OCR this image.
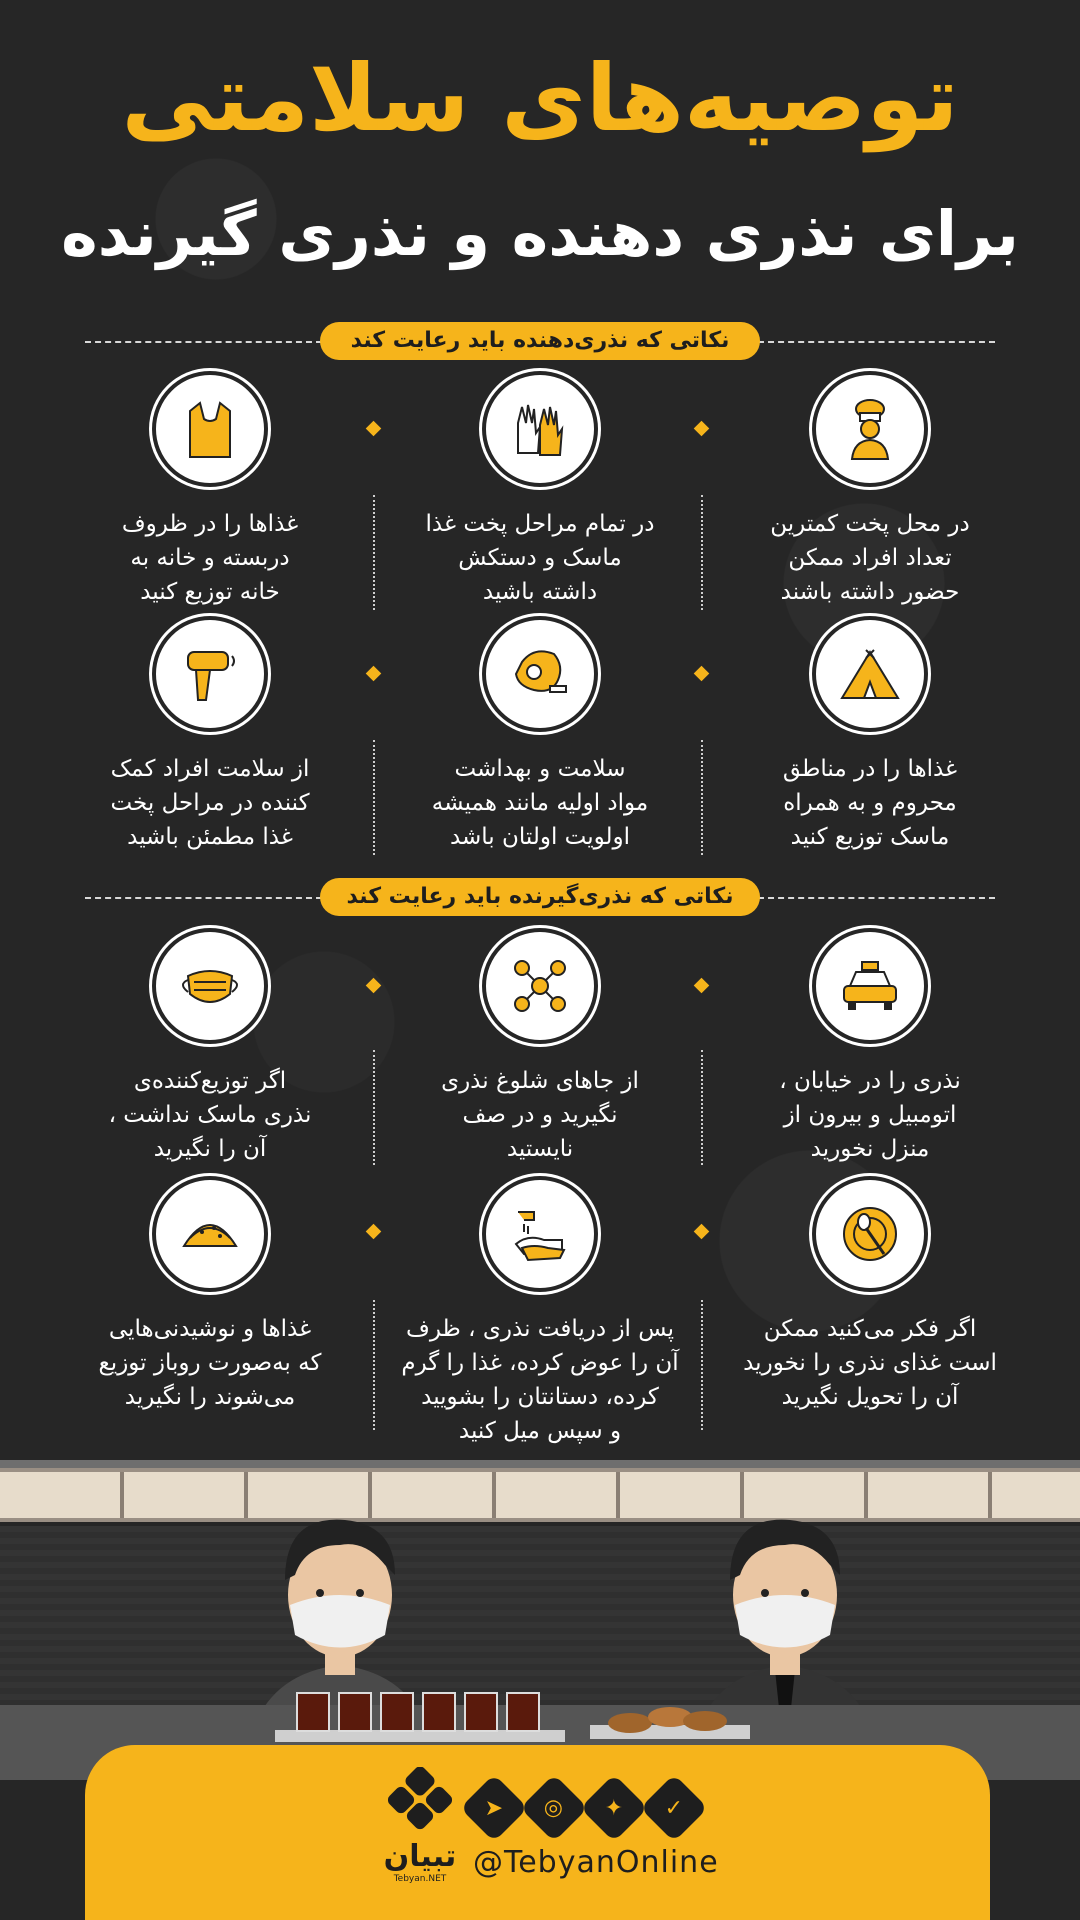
توصیه‌های سلامتی
برای نذری دهنده و نذری گیرنده
نکاتی که نذری‌دهنده باید رعایت کند
در محل پخت کمترین
تعداد افراد ممکن
حضور داشته باشند
در تمام مراحل پخت غذا
ماسک و دستکش
داشته باشید
غذاها را در ظروف
دربسته و خانه به
خانه توزیع کنید
غذاها را در مناطق
محروم و به همراه
ماسک توزیع کنید
سلامت و بهداشت
مواد اولیه مانند همیشه
اولویت اولتان باشد
از سلامت افراد کمک
کننده در مراحل پخت
غذا مطمئن باشید
نکاتی که نذری‌گیرنده باید رعایت کند
نذری را در خیابان ،
اتومبیل و بیرون از
منزل نخورید
از جاهای شلوغ نذری
نگیرید و در صف
نایستید
اگر توزیع‌کننده‌ی
نذری ماسک نداشت ،
آن را نگیرید
اگر فکر می‌کنید ممکن
است غذای نذری را نخورید
آن را تحویل نگیرید
پس از دریافت نذری ، ظرف
آن را عوض کرده، غذا را گرم
کرده، دستانتان را بشویید
و سپس میل کنید
غذاها و نوشیدنی‌هایی
که به‌صورت روباز توزیع
می‌شوند را نگیرید
تبیان
Tebyan.NET
➤ ◎ ✦ ✓
@TebyanOnline
